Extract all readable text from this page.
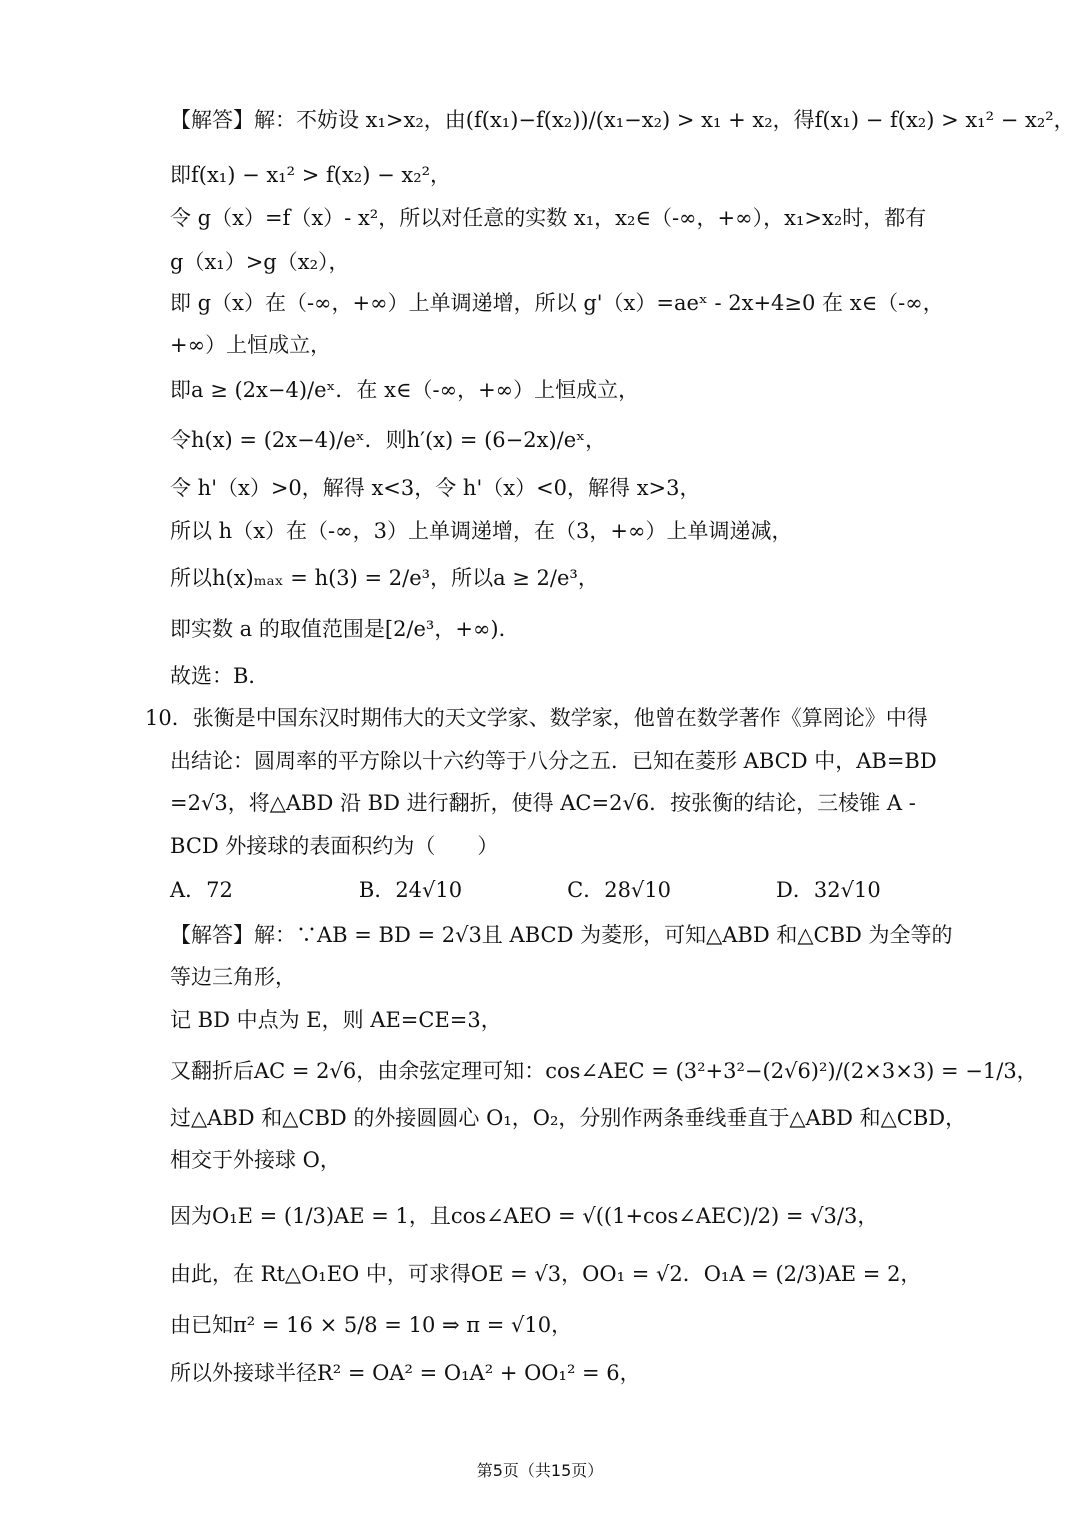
【解答】解：不妨设 x₁>x₂，由(f(x₁)−f(x₂))/(x₁−x₂) > x₁ + x₂，得f(x₁) − f(x₂) > x₁² − x₂²，
即f(x₁) − x₁² > f(x₂) − x₂²，
令 g（x）=f（x）- x²，所以对任意的实数 x₁，x₂∈（-∞，+∞），x₁>x₂时，都有
g（x₁）>g（x₂），
即 g（x）在（-∞，+∞）上单调递增，所以 g'（x）=aeˣ - 2x+4≥0 在 x∈（-∞，
+∞）上恒成立，
即a ≥ (2x−4)/eˣ．在 x∈（-∞，+∞）上恒成立，
令h(x) = (2x−4)/eˣ．则h′(x) = (6−2x)/eˣ，
令 h'（x）>0，解得 x<3，令 h'（x）<0，解得 x>3，
所以 h（x）在（-∞，3）上单调递增，在（3，+∞）上单调递减，
所以h(x)ₘₐₓ = h(3) = 2/e³，所以a ≥ 2/e³，
即实数 a 的取值范围是[2/e³，+∞)．
故选：B．
10．张衡是中国东汉时期伟大的天文学家、数学家，他曾在数学著作《算罔论》中得
出结论：圆周率的平方除以十六约等于八分之五．已知在菱形 ABCD 中，AB=BD
=2√3，将△ABD 沿 BD 进行翻折，使得 AC=2√6．按张衡的结论，三棱锥 A -
BCD 外接球的表面积约为（　　）
A．72　　　　　　B．24√10　　　　　C．28√10　　　　　D．32√10
【解答】解：∵AB = BD = 2√3且 ABCD 为菱形，可知△ABD 和△CBD 为全等的
等边三角形，
记 BD 中点为 E，则 AE=CE=3，
又翻折后AC = 2√6，由余弦定理可知：cos∠AEC = (3²+3²−(2√6)²)/(2×3×3) = −1/3，
过△ABD 和△CBD 的外接圆圆心 O₁，O₂，分别作两条垂线垂直于△ABD 和△CBD，
相交于外接球 O，
因为O₁E = (1/3)AE = 1，且cos∠AEO = √((1+cos∠AEC)/2) = √3/3，
由此，在 Rt△O₁EO 中，可求得OE = √3，OO₁ = √2．O₁A = (2/3)AE = 2，
由已知π² = 16 × 5/8 = 10 ⇒ π = √10，
所以外接球半径R² = OA² = O₁A² + OO₁² = 6，
第5页（共15页）
